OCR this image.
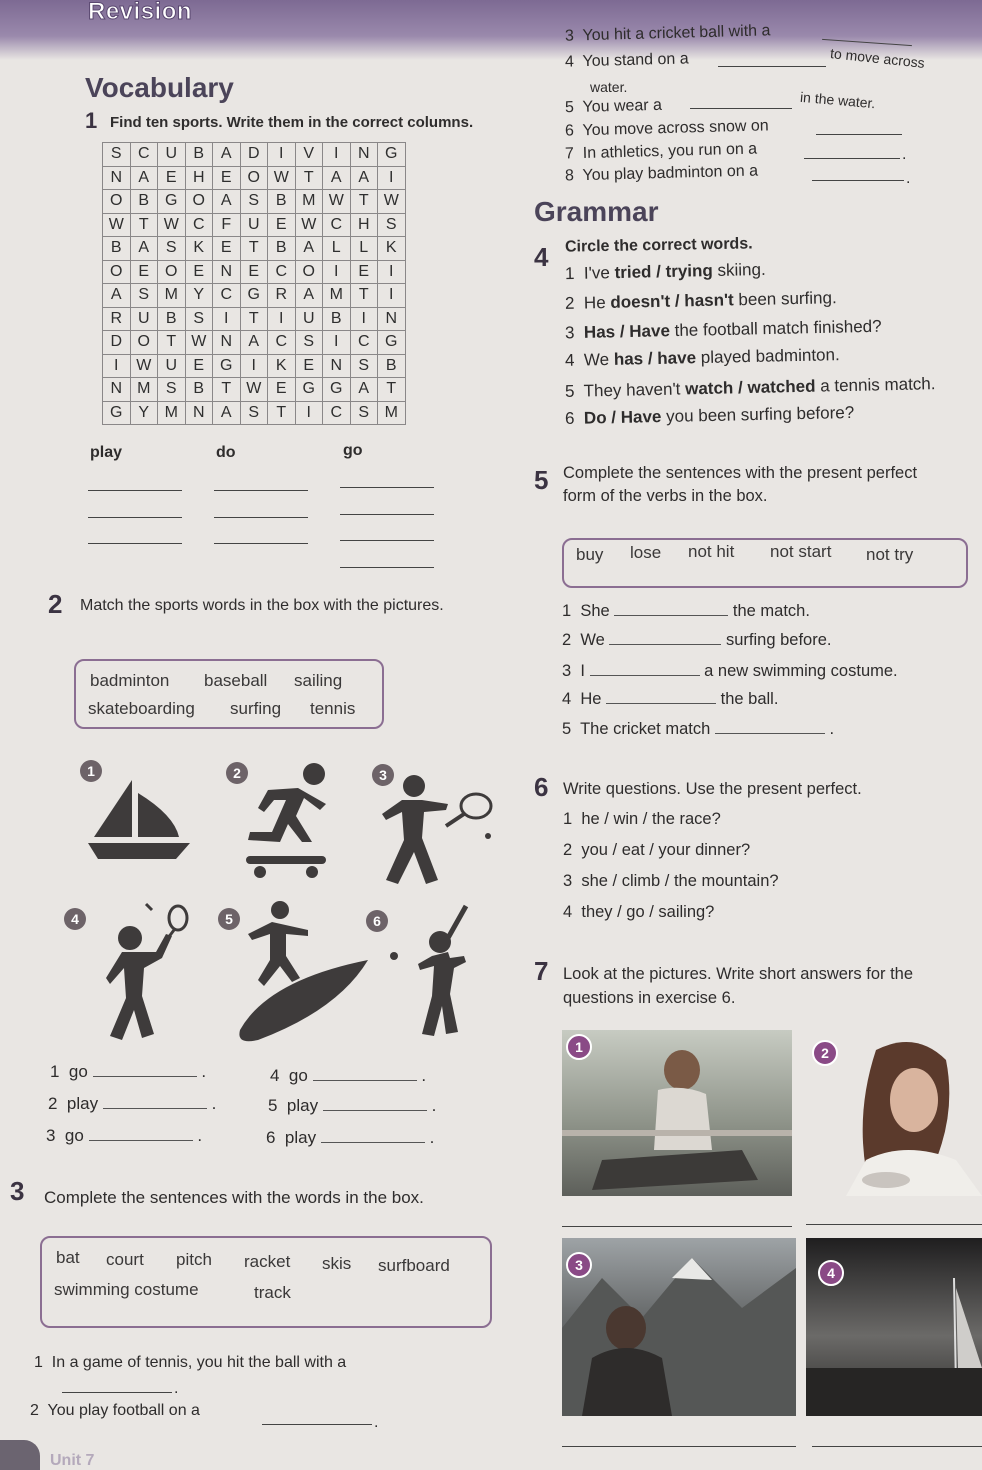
Revision
Vocabulary
1 Find ten sports. Write them in the correct columns.
S	C	U	B	A	D	I	V	I	N	G
N	A	E	H	E	O	W	T	A	A	I
O	B	G	O	A	S	B	M	W	T	W
W	T	W	C	F	U	E	W	C	H	S
B	A	S	K	E	T	B	A	L	L	K
O	E	O	E	N	E	C	O	I	E	I
A	S	M	Y	C	G	R	A	M	T	I
R	U	B	S	I	T	I	U	B	I	N
D	O	T	W	N	A	C	S	I	C	G
I	W	U	E	G	I	K	E	N	S	B
N	M	S	B	T	W	E	G	G	A	T
G	Y	M	N	A	S	T	I	C	S	M
play	do	go
2 Match the sports words in the box with the pictures.
badminton baseball sailing
skateboarding surfing tennis
1	2	3
4	5	6
1 go	.
2 play	.
3 go	.
4 go	.
5 play	.
6 play	.
3 Complete the sentences with the words in the box.
bat court pitch racket skis surfboard
swimming costume	track
1 In a game of tennis, you hit the ball with a
.
2 You play football on a
.
3 You hit a cricket ball with a
4 You stand on a	to move across
water.
5 You wear a	in the water.
6 You move across snow on
7 In athletics, you run on a	.
8 You play badminton on a	.
Grammar
4 Circle the correct words.
1 I've tried / trying skiing.
2 He doesn't / hasn't been surfing.
3 Has / Have the football match finished?
4 We has / have played badminton.
5 They haven't watch / watched a tennis match.
6 Do / Have you been surfing before?
5 Complete the sentences with the present perfect form of the verbs in the box.
buy lose not hit not start not try
1 She	the match.
2 We	surfing before.
3 I	a new swimming costume.
4 He	the ball.
5 The cricket match	.
6 Write questions. Use the present perfect.
1 he / win / the race?
2 you / eat / your dinner?
3 she / climb / the mountain?
4 they / go / sailing?
7 Look at the pictures. Write short answers for the questions in exercise 6.
1	2
3	4
Unit 7
